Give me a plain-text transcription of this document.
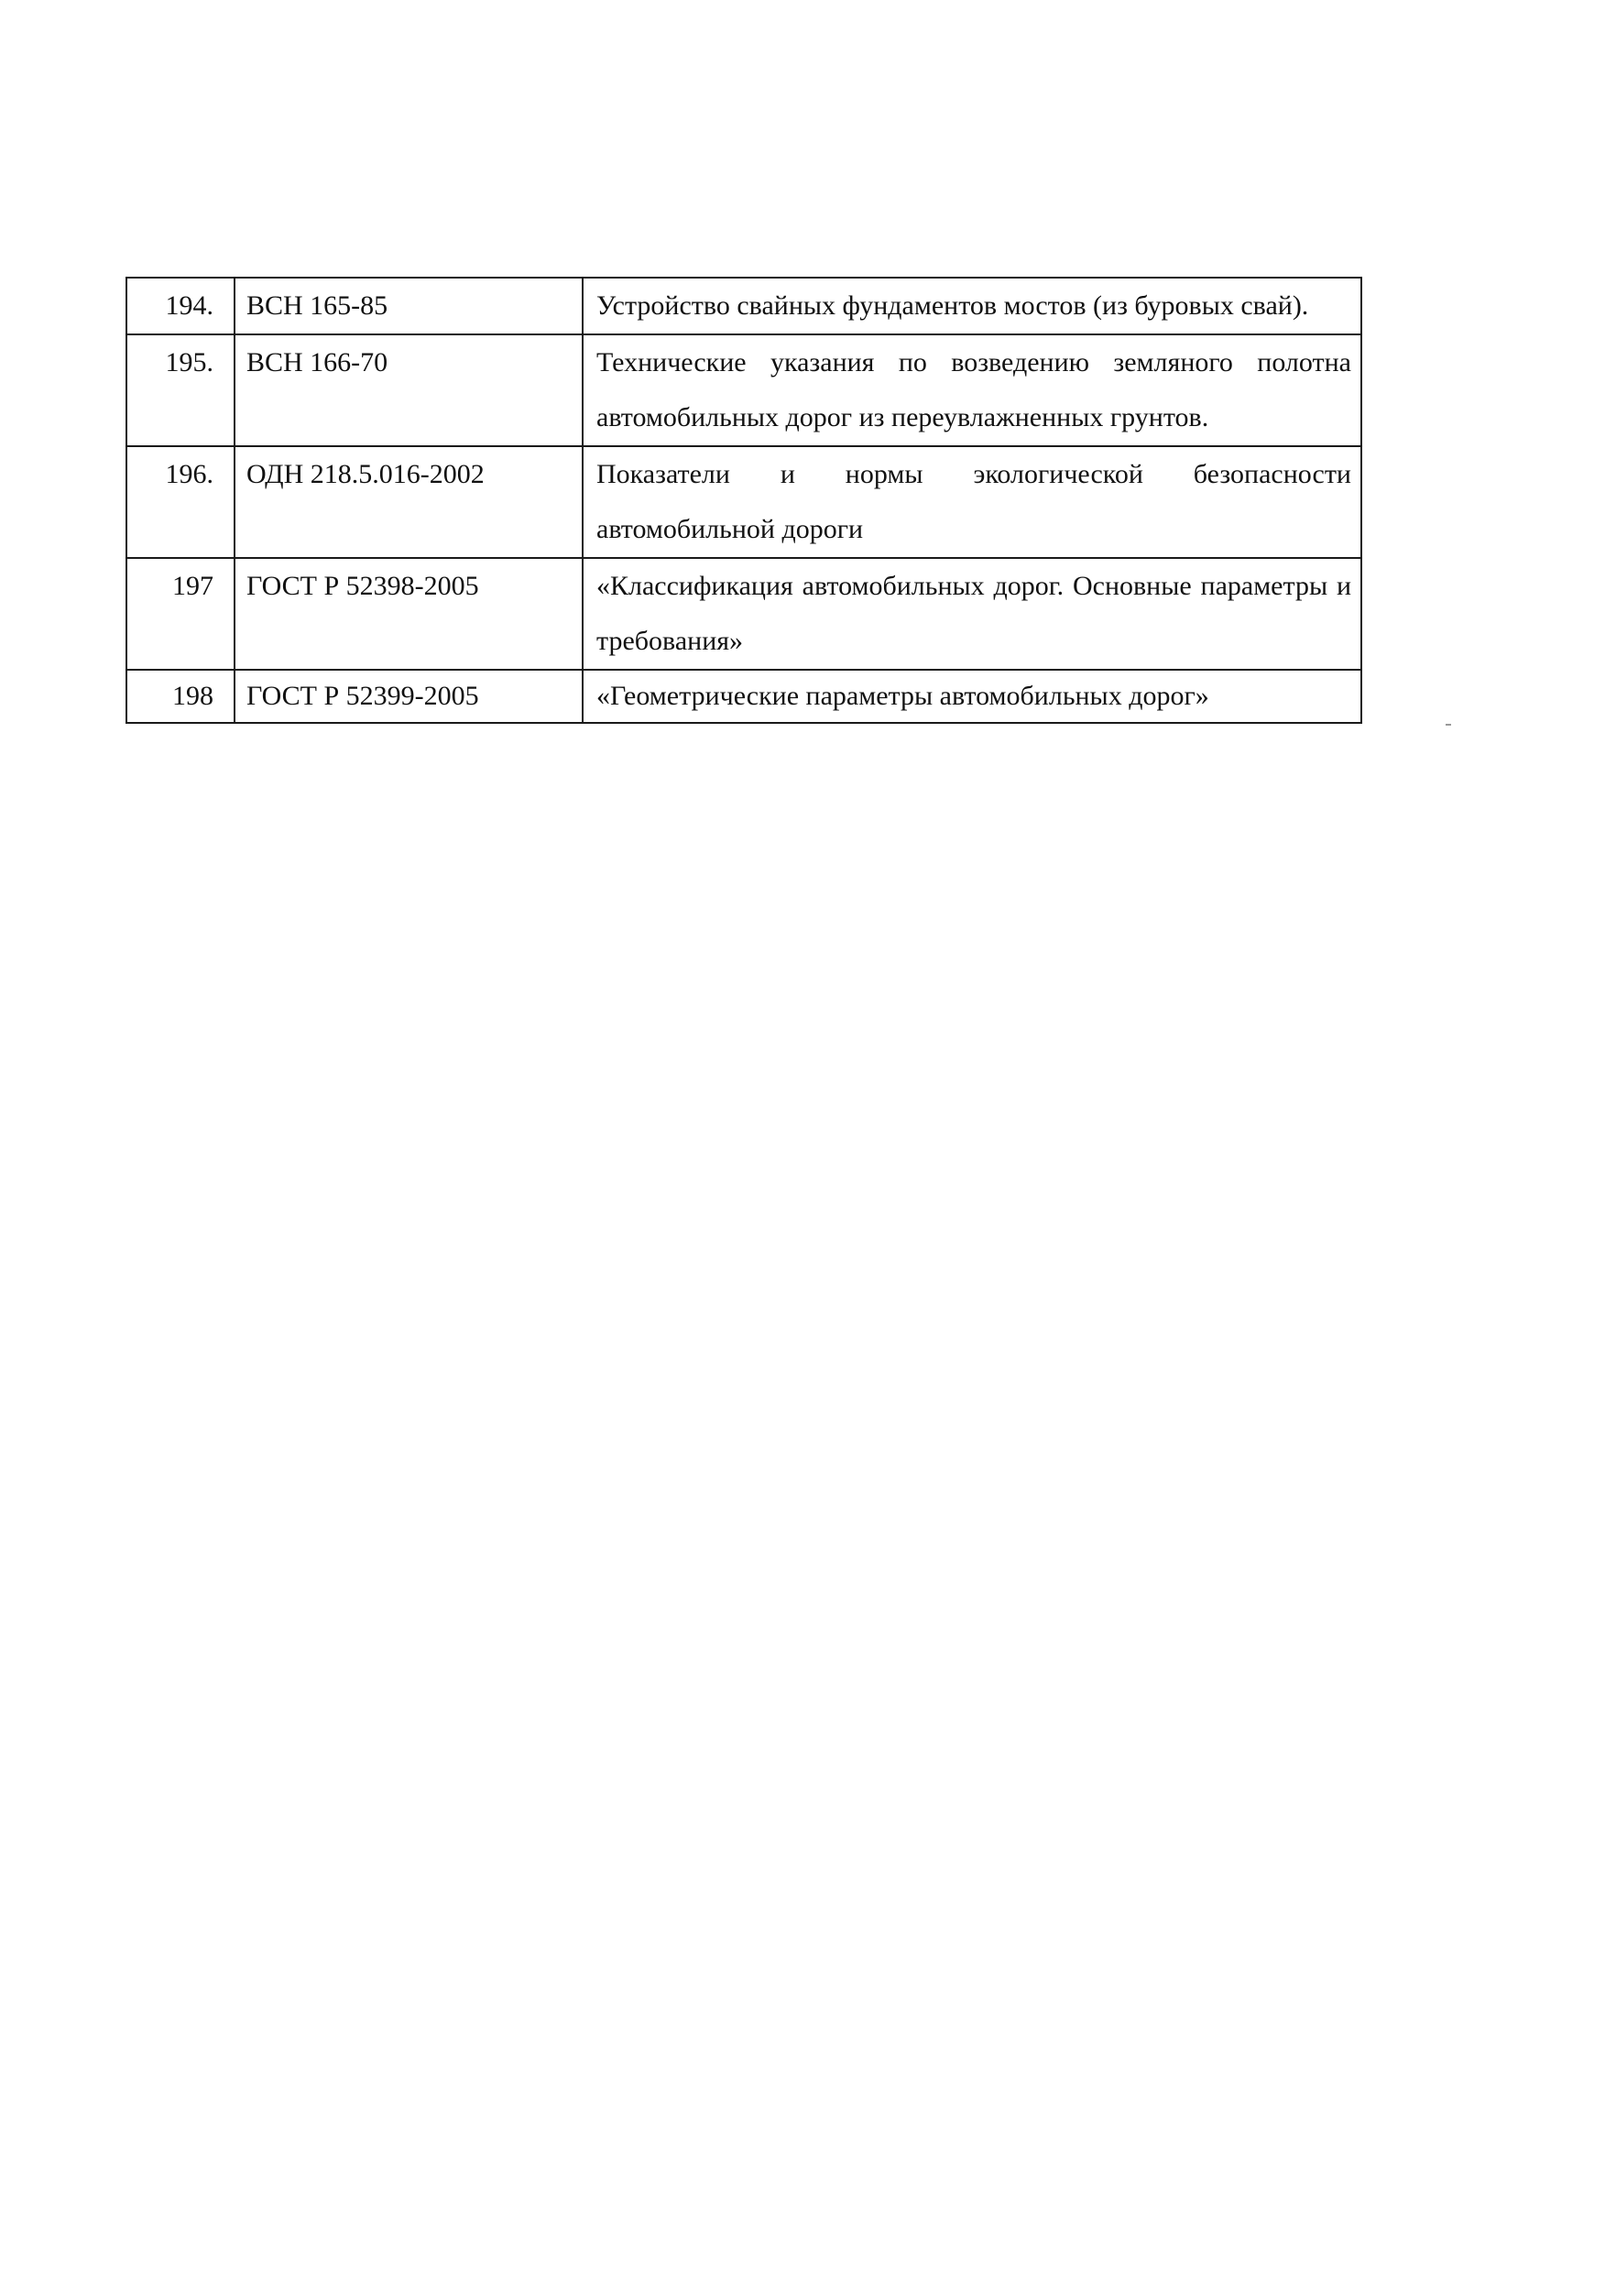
194.	ВСН 165-85	Устройство свайных фундаментов мостов (из буровых свай).
195.	ВСН 166-70	Технические указания по возведению земляного полотна автомобильных дорог из переувлажненных грунтов.
196.	ОДН 218.5.016-2002	Показатели и нормы экологической безопасности автомобильной дороги
197	ГОСТ Р 52398-2005	«Классификация автомобильных дорог. Основные параметры и требования»
198	ГОСТ Р 52399-2005	«Геометрические параметры автомобильных дорог»
